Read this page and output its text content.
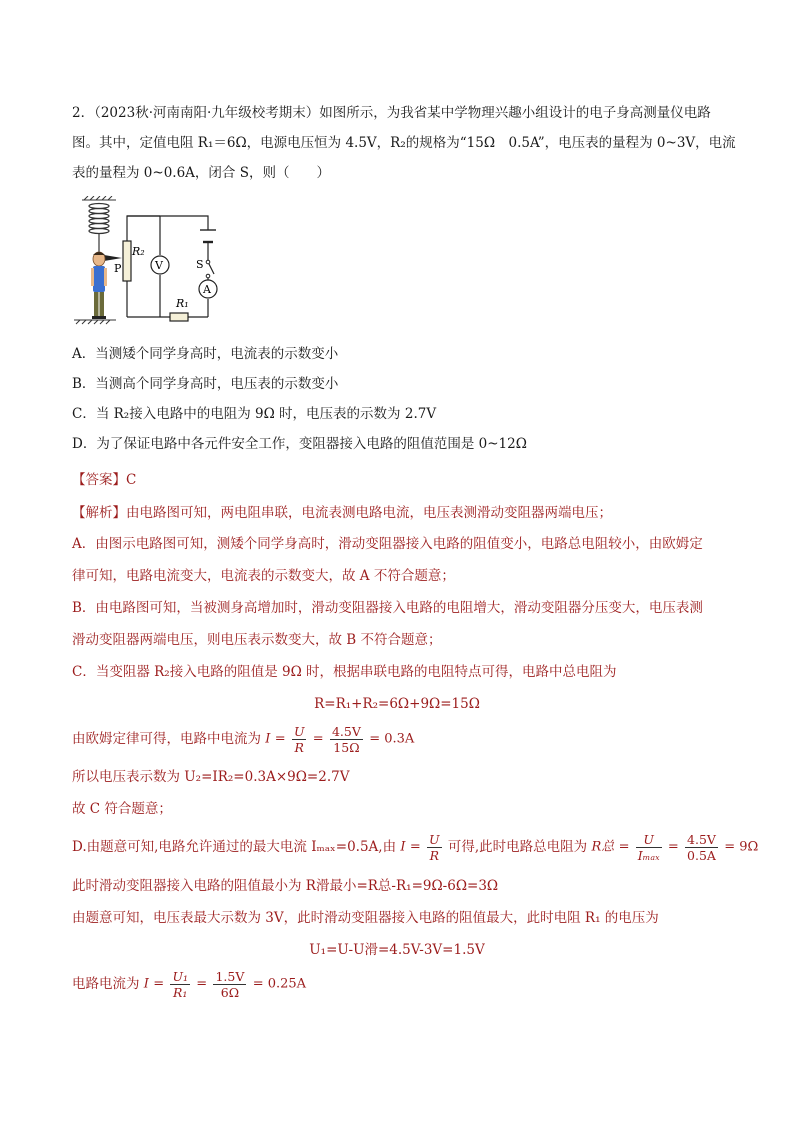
2．（2023秋·河南南阳·九年级校考期末）如图所示，为我省某中学物理兴趣小组设计的电子身高测量仪电路
图。其中，定值电阻 R₁＝6Ω，电源电压恒为 4.5V，R₂的规格为“15Ω　0.5A”，电压表的量程为 0~3V，电流
表的量程为 0~0.6A，闭合 S，则（　　）
S
A
V
R₂
P
R₁
A．当测矮个同学身高时，电流表的示数变小
B．当测高个同学身高时，电压表的示数变小
C．当 R₂接入电路中的电阻为 9Ω 时，电压表的示数为 2.7V
D．为了保证电路中各元件安全工作，变阻器接入电路的阻值范围是 0~12Ω
【答案】C
【解析】由电路图可知，两电阻串联，电流表测电路电流，电压表测滑动变阻器两端电压；
A．由图示电路图可知，测矮个同学身高时，滑动变阻器接入电路的阻值变小，电路总电阻较小，由欧姆定
律可知，电路电流变大，电流表的示数变大，故 A 不符合题意；
B．由电路图可知，当被测身高增加时，滑动变阻器接入电路的电阻增大，滑动变阻器分压变大，电压表测
滑动变阻器两端电压，则电压表示数变大，故 B 不符合题意；
C．当变阻器 R₂接入电路的阻值是 9Ω 时，根据串联电路的电阻特点可得，电路中总电阻为
R=R₁+R₂=6Ω+9Ω=15Ω
由欧姆定律可得，电路中电流为 $I = \frac{U}{R} = \frac{4.5V}{15\Omega} = 0.3A$
所以电压表示数为 U₂=IR₂=0.3A×9Ω=2.7V
故 C 符合题意；
D.由题意可知,电路允许通过的最大电流 Iₘₐₓ=0.5A,由 $I = \frac{U}{R}$ 可得,此时电路总电阻为 R总 = $\frac{U}{\text{Iₘₐₓ}} = \frac{4.5V}{0.5A} = 9\Omega$
此时滑动变阻器接入电路的阻值最小为 R滑最小=R总-R₁=9Ω-6Ω=3Ω
由题意可知，电压表最大示数为 3V，此时滑动变阻器接入电路的阻值最大，此时电阻 R₁ 的电压为
U₁=U-U滑=4.5V-3V=1.5V
电路电流为 $I = \frac{\text{U₁}}{\text{R₁}} = \frac{1.5V}{6\Omega} = 0.25A$
